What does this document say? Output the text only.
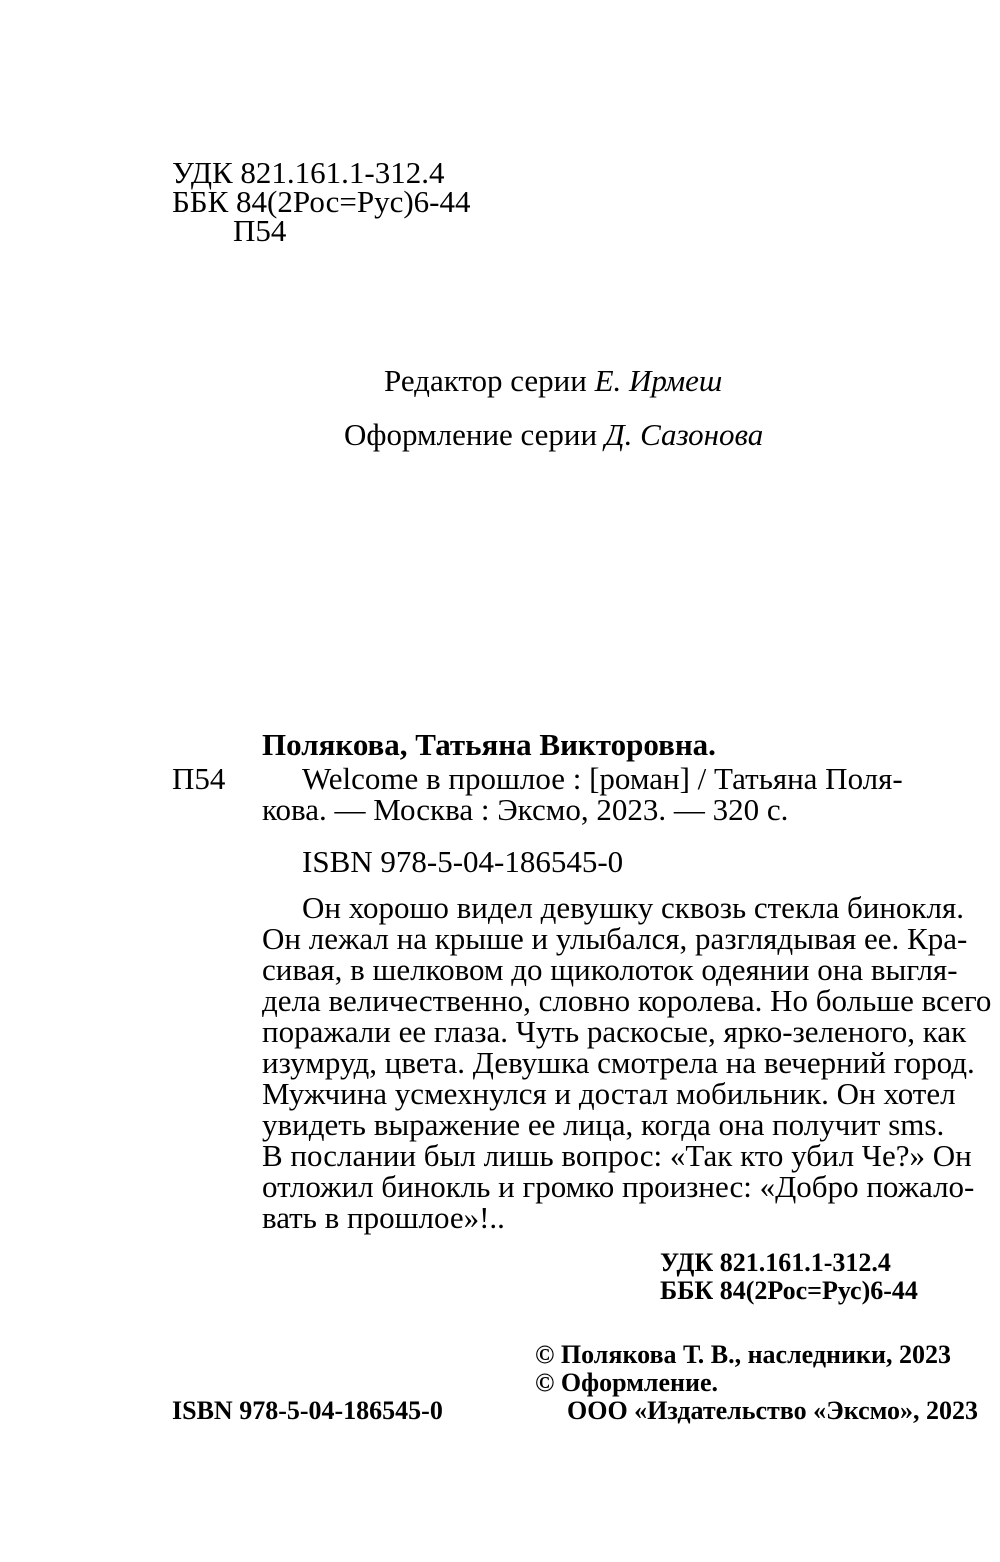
УДК 821.161.1-312.4
ББК 84(2Рос=Рус)6-44
П54
Редактор серии Е. Ирмеш
Оформление серии Д. Сазонова
Полякова, Татьяна Викторовна.
П54 Welcome в прошлое : [роман] / Татьяна Поля-
кова. — Москва : Эксмо, 2023. — 320 с.
ISBN 978-5-04-186545-0
Он хорошо видел девушку сквозь стекла бинокля.
Он лежал на крыше и улыбался, разглядывая ее. Кра-
сивая, в шелковом до щиколоток одеянии она выгля-
дела величественно, словно королева. Но больше всего
поражали ее глаза. Чуть раскосые, ярко-зеленого, как
изумруд, цвета. Девушка смотрела на вечерний город.
Мужчина усмехнулся и достал мобильник. Он хотел
увидеть выражение ее лица, когда она получит sms.
В послании был лишь вопрос: «Так кто убил Че?» Он
отложил бинокль и громко произнес: «Добро пожало-
вать в прошлое»!..
УДК 821.161.1-312.4
ББК 84(2Рос=Рус)6-44
© Полякова Т. В., наследники, 2023
© Оформление.
ISBN 978-5-04-186545-0	ООО «Издательство «Эксмо», 2023
